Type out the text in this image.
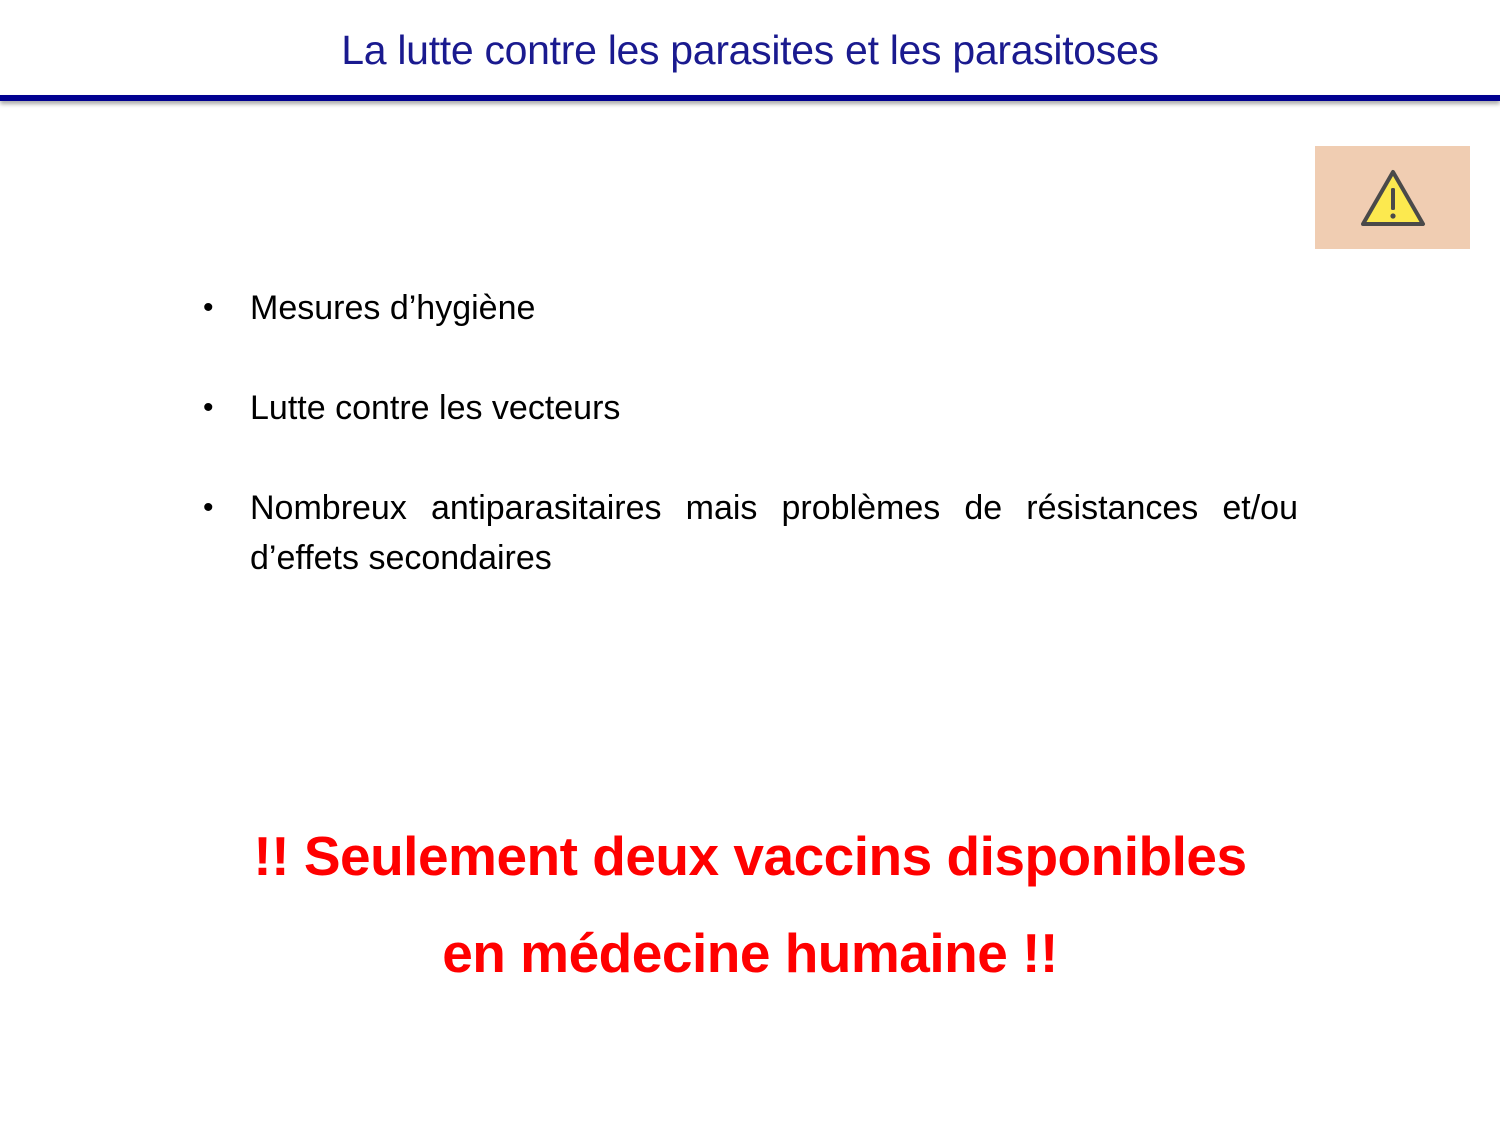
La lutte contre les parasites et les parasitoses
• Mesures d’hygiène
• Lutte contre les vecteurs
• Nombreux antiparasitaires mais problèmes de résistances et/ou d’effets secondaires
!! Seulement deux vaccins disponibles
en médecine humaine !!
